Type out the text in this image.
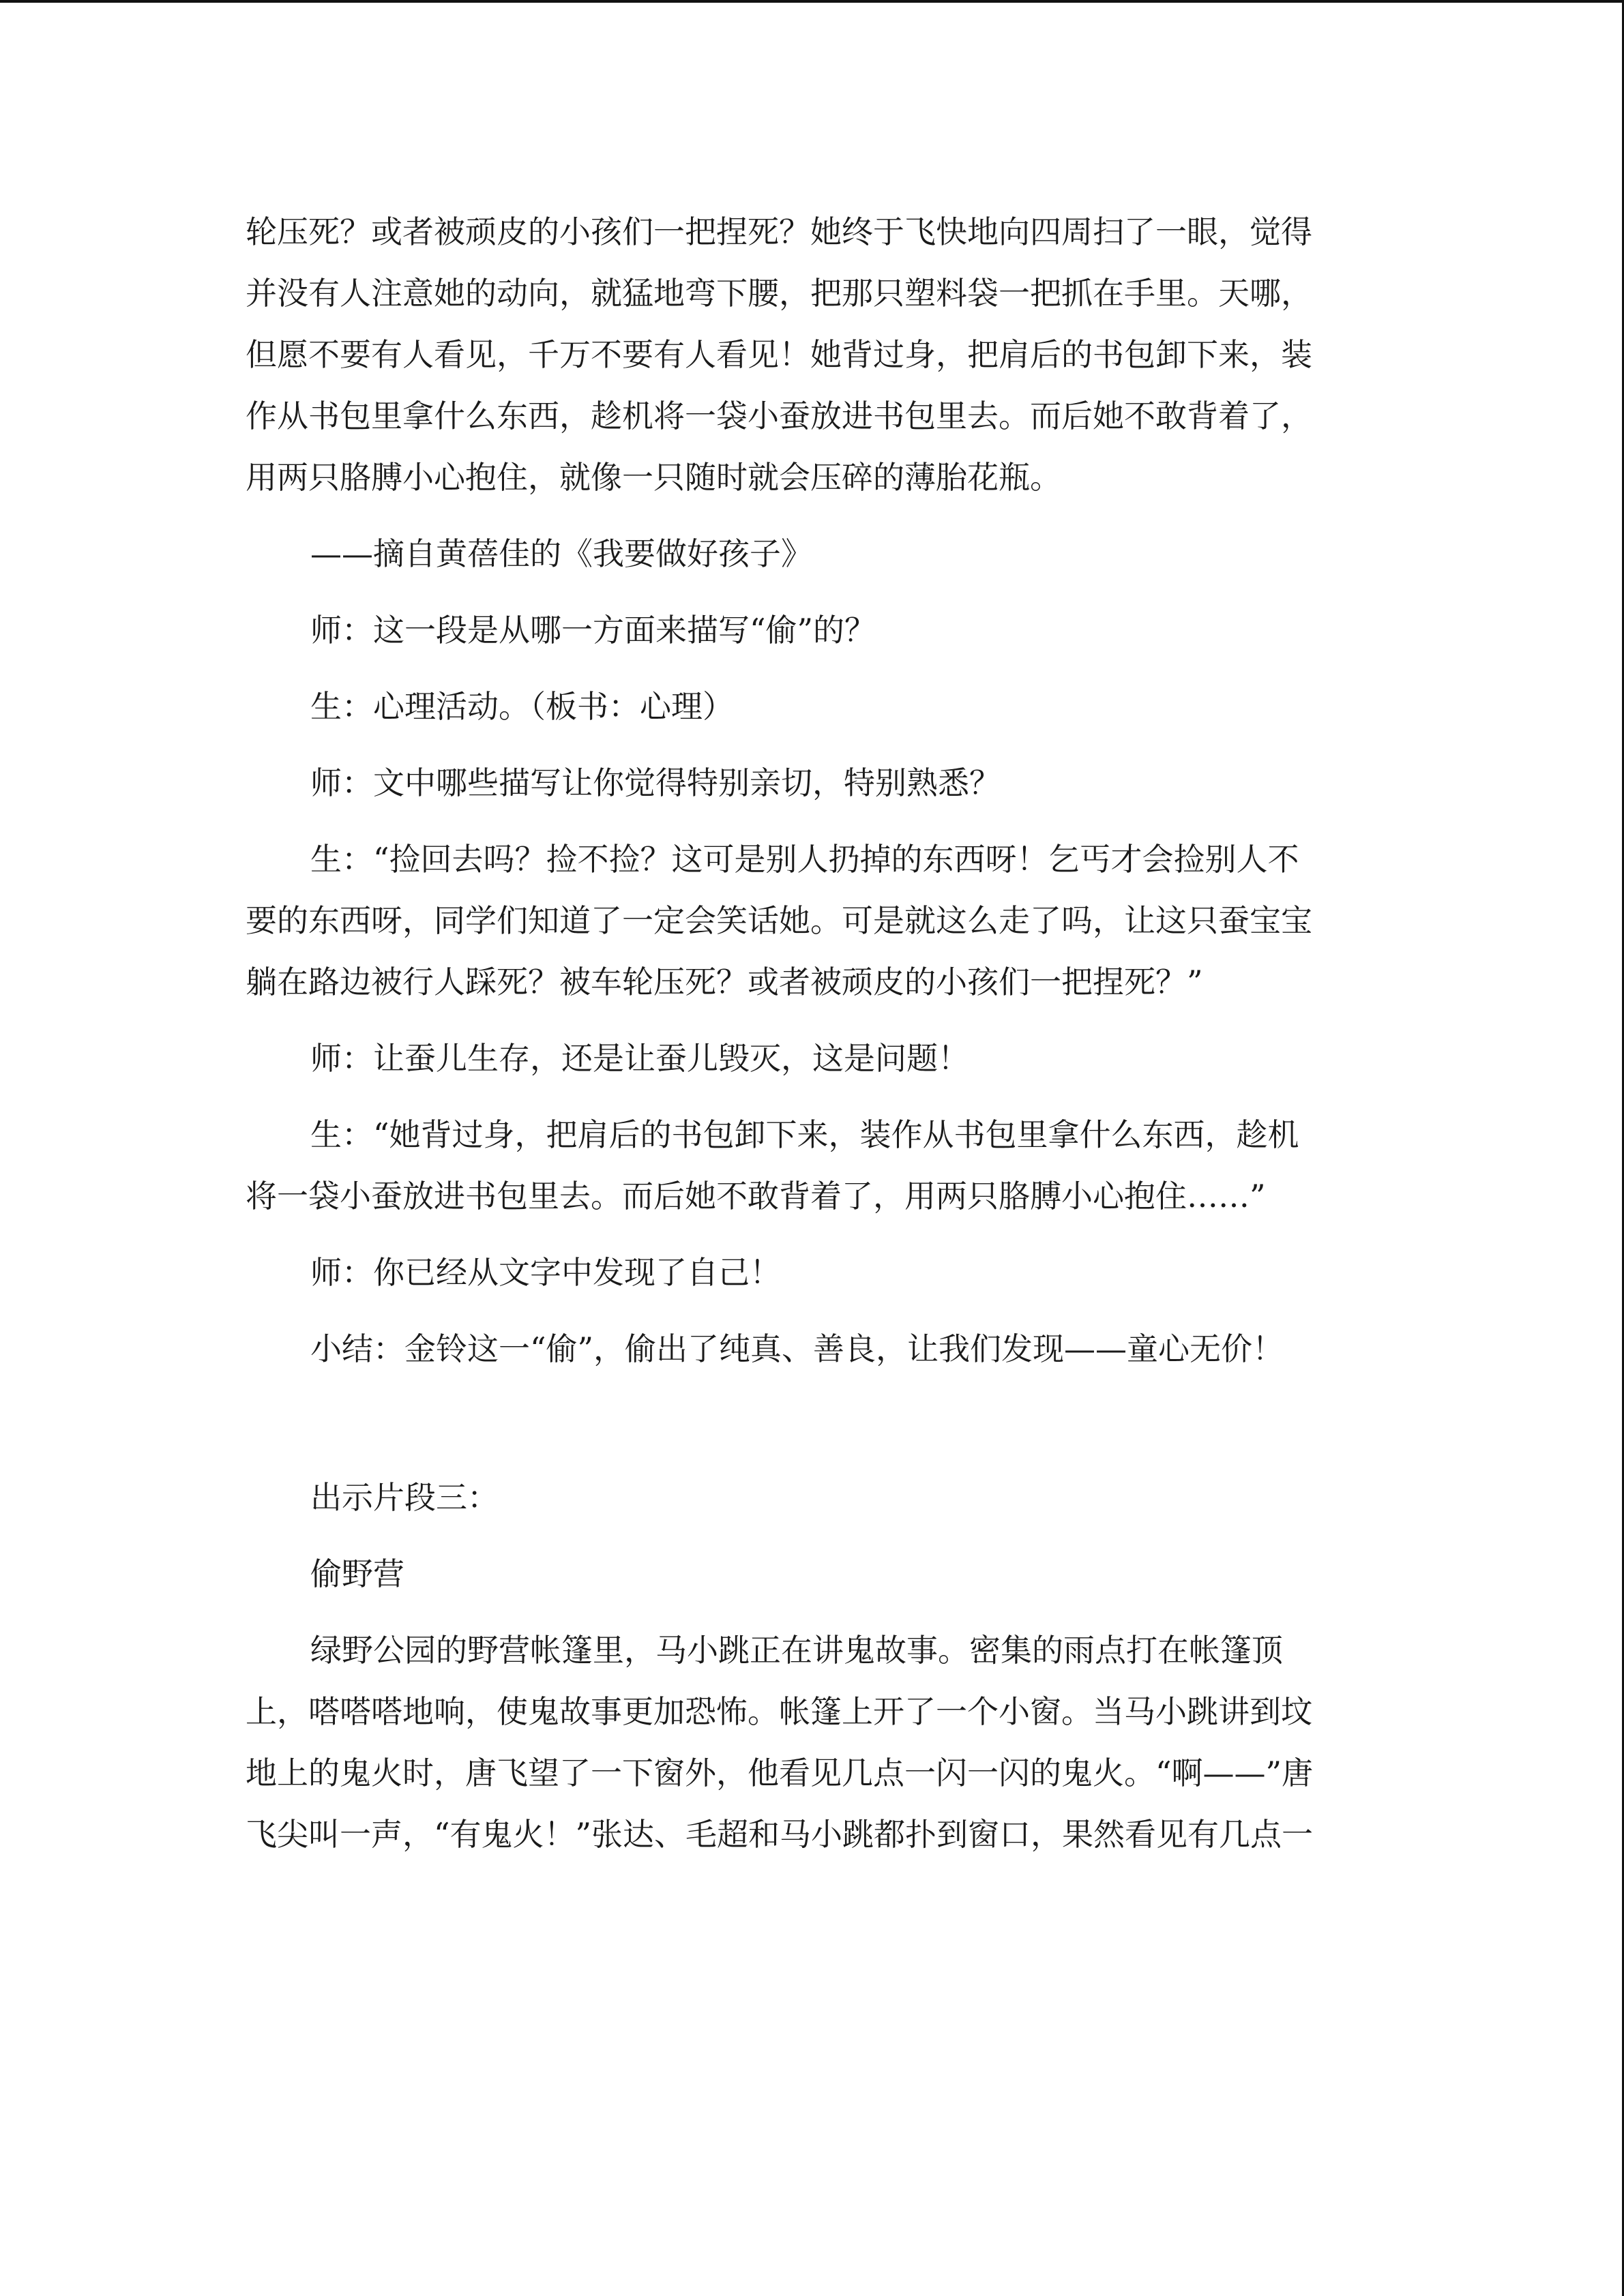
轮压死？或者被顽皮的小孩们一把捏死？她终于飞快地向四周扫了一眼，觉得

并没有人注意她的动向，就猛地弯下腰，把那只塑料袋一把抓在手里。天哪，

但愿不要有人看见，千万不要有人看见！她背过身，把肩后的书包卸下来，装

作从书包里拿什么东西，趁机将一袋小蚕放进书包里去。而后她不敢背着了，

用两只胳膊小心抱住，就像一只随时就会压碎的薄胎花瓶。

——摘自黄蓓佳的《我要做好孩子》

师：这一段是从哪一方面来描写“偷”的？

生：心理活动。（板书：心理）

师：文中哪些描写让你觉得特别亲切，特别熟悉？

生：“捡回去吗？捡不捡？这可是别人扔掉的东西呀！乞丐才会捡别人不

要的东西呀，同学们知道了一定会笑话她。可是就这么走了吗，让这只蚕宝宝

躺在路边被行人踩死？被车轮压死？或者被顽皮的小孩们一把捏死？”

师：让蚕儿生存，还是让蚕儿毁灭，这是问题！

生：“她背过身，把肩后的书包卸下来，装作从书包里拿什么东西，趁机

将一袋小蚕放进书包里去。而后她不敢背着了，用两只胳膊小心抱住……”

师：你已经从文字中发现了自己！

小结：金铃这一“偷”，偷出了纯真、善良，让我们发现——童心无价！

出示片段三：

偷野营

绿野公园的野营帐篷里，马小跳正在讲鬼故事。密集的雨点打在帐篷顶

上，嗒嗒嗒地响，使鬼故事更加恐怖。帐篷上开了一个小窗。当马小跳讲到坟

地上的鬼火时，唐飞望了一下窗外，他看见几点一闪一闪的鬼火。“啊——”唐

飞尖叫一声，“有鬼火！”张达、毛超和马小跳都扑到窗口，果然看见有几点一
